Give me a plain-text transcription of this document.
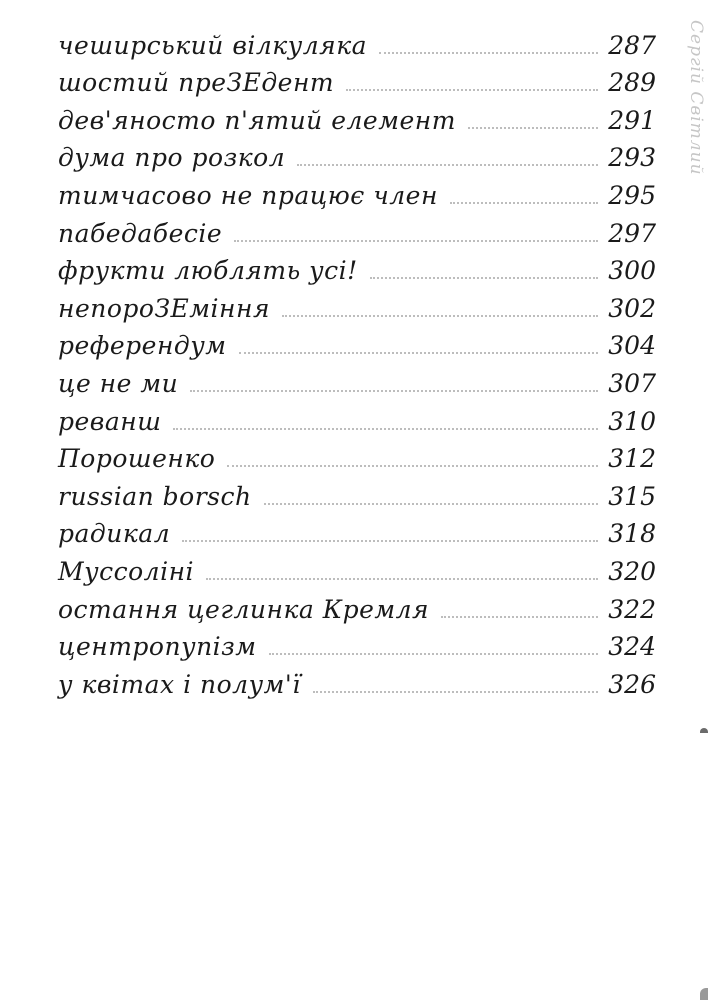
Сергій Світлий
чеширський вілкуляка	287
шостий преЗЕдент	289
дев'яносто п'ятий елемент	291
дума про розкол	293
тимчасово не працює член	295
пабедабесіе	297
фрукти люблять усі!	300
непороЗЕміння	302
референдум	304
це не ми	307
реванш	310
Порошенко	312
russian borsch	315
радикал	318
Муссоліні	320
остання цеглинка Кремля	322
центропупізм	324
у квітах і полум'ї	326
